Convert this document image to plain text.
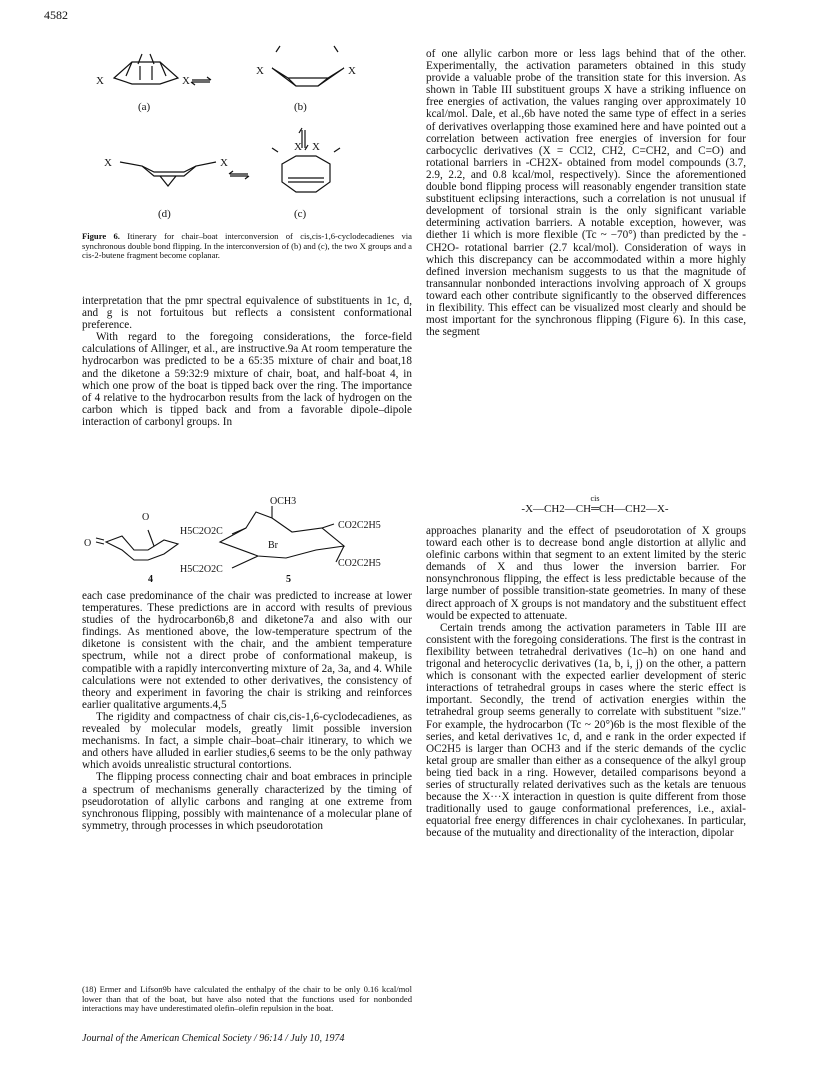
4582
X	X
X	X
X	X
X X
(a)	(b)
(d)	(c)
Figure 6. Itinerary for chair–boat interconversion of cis,cis-1,6-cyclodecadienes via synchronous double bond flipping. In the interconversion of (b) and (c), the two X groups and a cis-2-butene fragment become coplanar.

interpretation that the pmr spectral equivalence of substituents in 1c, d, and g is not fortuitous but reflects a consistent conformational preference.

With regard to the foregoing considerations, the force-field calculations of Allinger, et al., are instructive.9a At room temperature the hydrocarbon was predicted to be a 65:35 mixture of chair and boat,18 and the diketone a 59:32:9 mixture of chair, boat, and half-boat 4, in which one prow of the boat is tipped back over the ring. The importance of 4 relative to the hydrocarbon results from the lack of hydrogen on the carbon which is tipped back and from a favorable dipole–dipole interaction of carbonyl groups. In

O
O
OCH3
H5C2O2C
H5C2O2C
CO2C2H5
CO2C2H5
Br
4	5

each case predominance of the chair was predicted to increase at lower temperatures. These predictions are in accord with results of previous studies of the hydrocarbon6b,8 and diketone7a and also with our findings. As mentioned above, the low-temperature spectrum of the diketone is consistent with the chair, and the ambient temperature spectrum, while not a direct probe of conformational makeup, is compatible with a rapidly interconverting mixture of 2a, 3a, and 4. While calculations were not extended to other derivatives, the consistency of theory and experiment in favoring the chair is striking and reinforces earlier qualitative arguments.4,5

The rigidity and compactness of chair cis,cis-1,6-cyclodecadienes, as revealed by molecular models, greatly limit possible inversion mechanisms. In fact, a simple chair–boat–chair itinerary, to which we and others have alluded in earlier studies,6 seems to be the only pathway which avoids unrealistic structural contortions.

The flipping process connecting chair and boat embraces in principle a spectrum of mechanisms generally characterized by the timing of pseudorotation of allylic carbons and ranging at one extreme from synchronous flipping, possibly with maintenance of a molecular plane of symmetry, through processes in which pseudorotation

(18) Ermer and Lifson9b have calculated the enthalpy of the chair to be only 0.16 kcal/mol lower than that of the boat, but have also noted that the functions used for nonbonded interactions may have underestimated olefin–olefin repulsion in the boat.

of one allylic carbon more or less lags behind that of the other. Experimentally, the activation parameters obtained in this study provide a valuable probe of the transition state for this inversion. As shown in Table III substituent groups X have a striking influence on free energies of activation, the values ranging over approximately 10 kcal/mol. Dale, et al.,6b have noted the same type of effect in a series of derivatives overlapping those examined here and have pointed out a correlation between activation free energies of inversion for four carbocyclic derivatives (X = CCl2, CH2, C=CH2, and C=O) and rotational barriers in -CH2X- obtained from model compounds (3.7, 2.9, 2.2, and 0.8 kcal/mol, respectively). Since the aforementioned double bond flipping process will reasonably engender transition state substituent eclipsing interactions, such a correlation is not unusual if development of torsional strain is the only significant variable determining activation barriers. A notable exception, however, was diether 1i which is more flexible (Tc ~ −70°) than predicted by the -CH2O- rotational barrier (2.7 kcal/mol). Consideration of ways in which this discrepancy can be accommodated within a more highly defined inversion mechanism suggests to us that the magnitude of transannular nonbonded interactions involving approach of X groups toward each other contribute significantly to the observed differences in flexibility. This effect can be visualized most clearly and should be most important for the synchronous flipping (Figure 6). In this case, the segment

cis
-X—CH2—CH═CH—CH2—X-

approaches planarity and the effect of pseudorotation of X groups toward each other is to decrease bond angle distortion at allylic and olefinic carbons within that segment to an extent limited by the steric demands of X and thus lower the inversion barrier. For nonsynchronous flipping, the effect is less predictable because of the large number of possible transition-state geometries. In many of these direct approach of X groups is not mandatory and the substituent effect would be expected to attenuate.

Certain trends among the activation parameters in Table III are consistent with the foregoing considerations. The first is the contrast in flexibility between tetrahedral derivatives (1c–h) on one hand and trigonal and heterocyclic derivatives (1a, b, i, j) on the other, a pattern which is consonant with the expected earlier development of steric interactions of tetrahedral groups in cases where the steric effect is important. Secondly, the trend of activation energies within the tetrahedral group seems generally to correlate with substituent "size." For example, the hydrocarbon (Tc ~ 20°)6b is the most flexible of the series, and ketal derivatives 1c, d, and e rank in the order expected if OC2H5 is larger than OCH3 and if the steric demands of the cyclic ketal group are smaller than either as a consequence of the alkyl group being tied back in a ring. However, detailed comparisons beyond a series of structurally related derivatives such as the ketals are tenuous because the X···X interaction in question is quite different from those traditionally used to gauge conformational preferences, i.e., axial-equatorial free energy differences in chair cyclohexanes. In particular, because of the mutuality and directionality of the interaction, dipolar

Journal of the American Chemical Society / 96:14 / July 10, 1974
